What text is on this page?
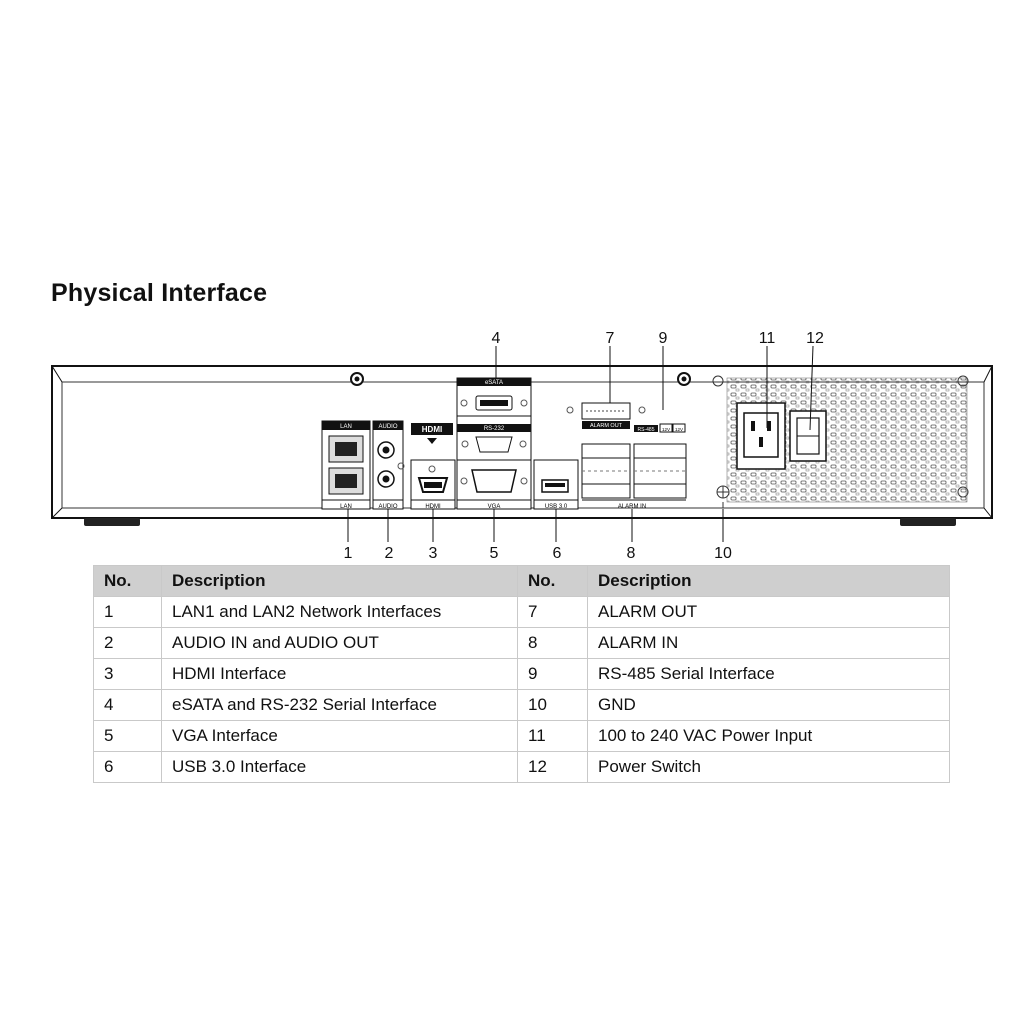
Physical Interface
LAN
LAN
AUDIO
AUDIO
HDMI
HDMI
eSATA
RS-232
VGA	USB 3.0
ALARM OUT
RS-485 12V 12V
ALARM IN
4	7	9	11 12
1 2 3	5	6	8	10
No.	Description	No.	Description
1	LAN1 and LAN2 Network Interfaces	7	ALARM OUT
2	AUDIO IN and AUDIO OUT	8	ALARM IN
3	HDMI Interface	9	RS-485 Serial Interface
4	eSATA and RS-232 Serial Interface	10	GND
5	VGA Interface	11	100 to 240 VAC Power Input
6	USB 3.0 Interface	12	Power Switch
